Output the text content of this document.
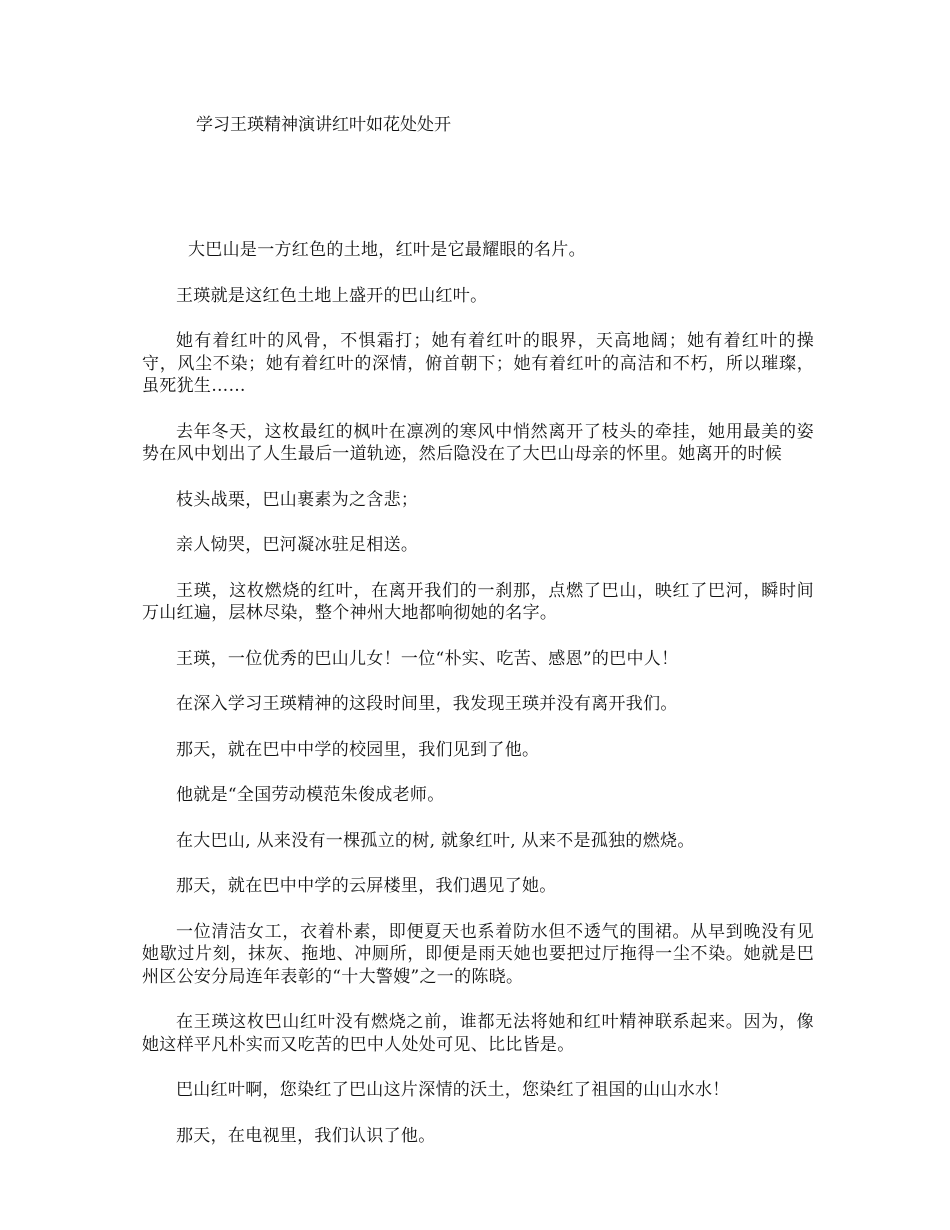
学习王瑛精神演讲红叶如花处处开

大巴山是一方红色的土地，红叶是它最耀眼的名片。

王瑛就是这红色土地上盛开的巴山红叶。

她有着红叶的风骨，不惧霜打；她有着红叶的眼界，天高地阔；她有着红叶的操守，风尘不染；她有着红叶的深情，俯首朝下；她有着红叶的高洁和不朽，所以璀璨，虽死犹生……

去年冬天，这枚最红的枫叶在凛冽的寒风中悄然离开了枝头的牵挂，她用最美的姿势在风中划出了人生最后一道轨迹，然后隐没在了大巴山母亲的怀里。她离开的时候

枝头战栗，巴山裹素为之含悲；

亲人恸哭，巴河凝冰驻足相送。

王瑛，这枚燃烧的红叶，在离开我们的一刹那，点燃了巴山，映红了巴河，瞬时间万山红遍，层林尽染，整个神州大地都响彻她的名字。

王瑛，一位优秀的巴山儿女！一位“朴实、吃苦、感恩”的巴中人！

在深入学习王瑛精神的这段时间里，我发现王瑛并没有离开我们。

那天，就在巴中中学的校园里，我们见到了他。

他就是“全国劳动模范朱俊成老师。

在大巴山, 从来没有一棵孤立的树, 就象红叶, 从来不是孤独的燃烧。

那天，就在巴中中学的云屏楼里，我们遇见了她。

一位清洁女工，衣着朴素，即便夏天也系着防水但不透气的围裙。从早到晚没有见她歇过片刻，抹灰、拖地、冲厕所，即便是雨天她也要把过厅拖得一尘不染。她就是巴州区公安分局连年表彰的“十大警嫂”之一的陈晓。

在王瑛这枚巴山红叶没有燃烧之前，谁都无法将她和红叶精神联系起来。因为，像她这样平凡朴实而又吃苦的巴中人处处可见、比比皆是。

巴山红叶啊，您染红了巴山这片深情的沃土，您染红了祖国的山山水水！

那天，在电视里，我们认识了他。
